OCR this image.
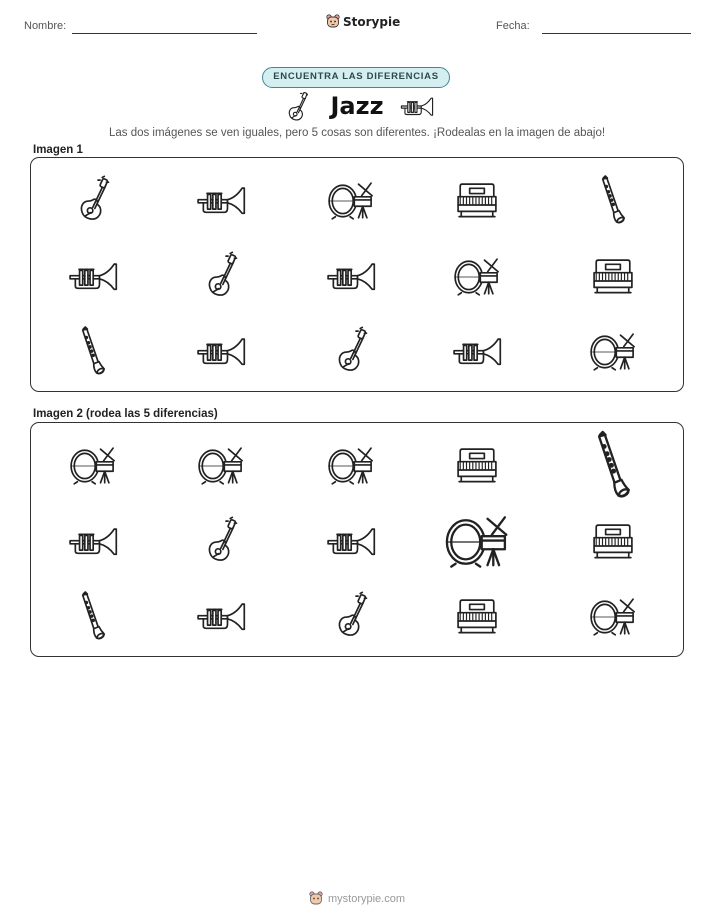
Nombre:	Storypie	Fecha:
ENCUENTRA LAS DIFERENCIAS
Jazz
Las dos imágenes se ven iguales, pero 5 cosas son diferentes. ¡Rodealas en la imagen de abajo!
Imagen 1
Imagen 2 (rodea las 5 diferencias)
mystorypie.com
